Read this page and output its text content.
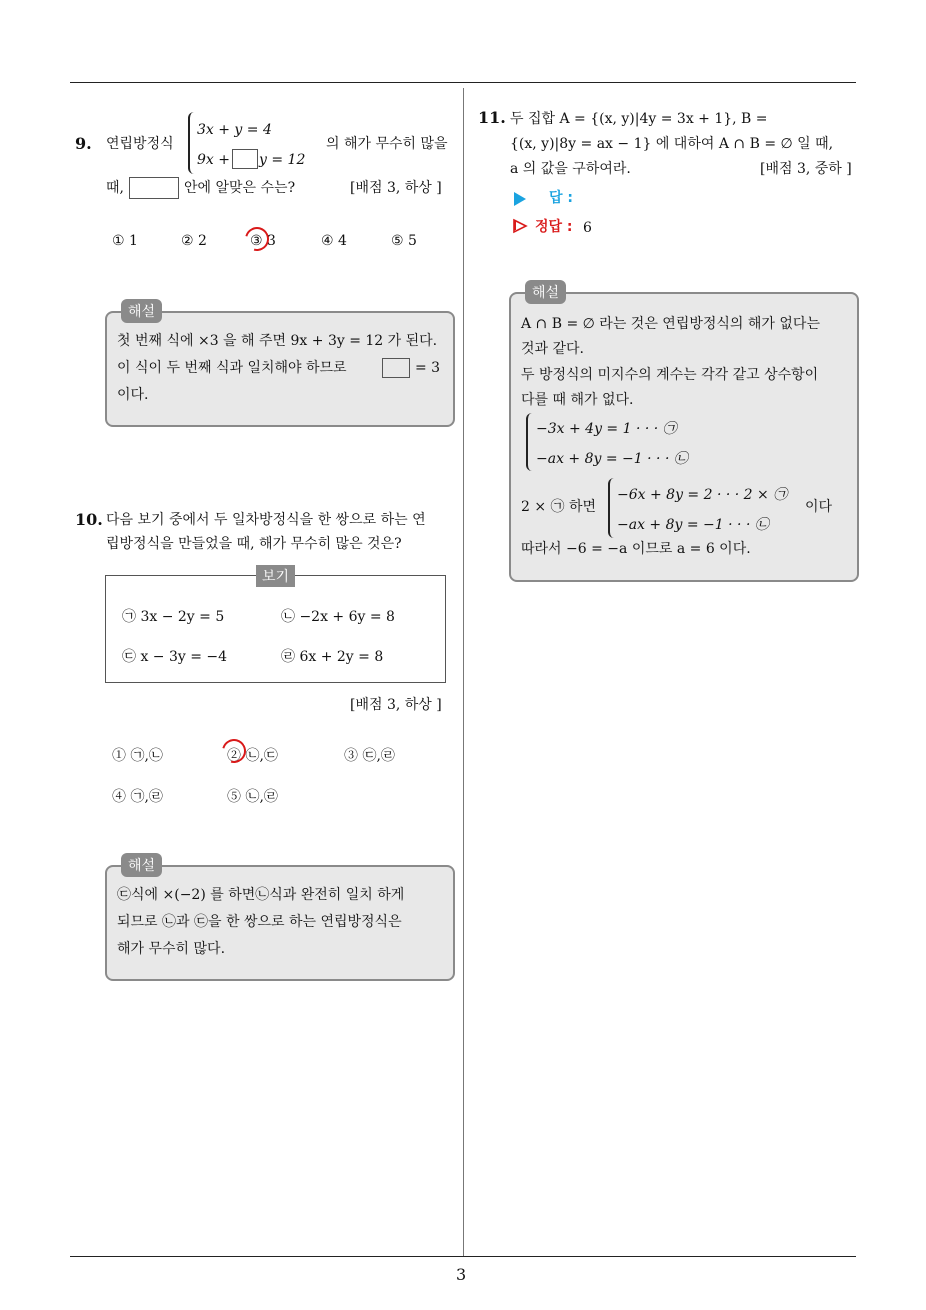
3
9. 연립방정식
3x + y = 4
9x + y = 12
의 해가 무수히 많을
때,	안에 알맞은 수는?	[배점 3, 하상 ]
① 1	② 2	③ 3	④ 4	⑤ 5
해설
첫 번째 식에 ×3 을 해 주면 9x + 3y = 12 가 된다.
이 식이 두 번째 식과 일치해야 하므로	= 3
이다.
10. 다음 보기 중에서 두 일차방정식을 한 쌍으로 하는 연
립방정식을 만들었을 때, 해가 무수히 많은 것은?
보기
㉠ 3x − 2y = 5	㉡ −2x + 6y = 8
㉢ x − 3y = −4	㉣ 6x + 2y = 8
[배점 3, 하상 ]
① ㉠,㉡	② ㉡,㉢	③ ㉢,㉣
④ ㉠,㉣	⑤ ㉡,㉣
해설
㉢식에 ×(−2) 를 하면㉡식과 완전히 일치 하게
되므로 ㉡과 ㉢을 한 쌍으로 하는 연립방정식은
해가 무수히 많다.
11. 두 집합 A = {(x, y)|4y = 3x + 1}, B =
{(x, y)|8y = ax − 1} 에 대하여 A ∩ B = ∅ 일 때,
a 의 값을 구하여라.	[배점 3, 중하 ]
답 :
정답 : 6
해설
A ∩ B = ∅ 라는 것은 연립방정식의 해가 없다는
것과 같다.
두 방정식의 미지수의 계수는 각각 같고 상수항이
다를 때 해가 없다.
−3x + 4y = 1 · · · ㉠
−ax + 8y = −1 · · · ㉡
2 × ㉠ 하면
−6x + 8y = 2 · · · 2 × ㉠
−ax + 8y = −1 · · · ㉡
이다
따라서 −6 = −a 이므로 a = 6 이다.
